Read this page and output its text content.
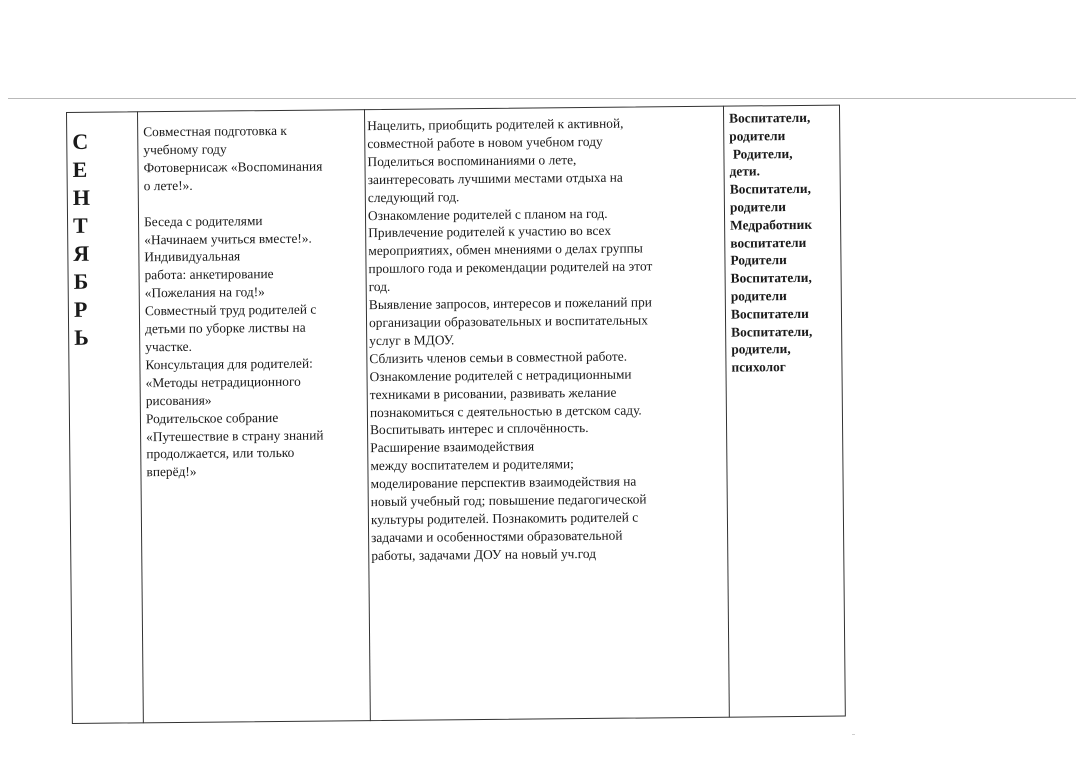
С
Е
Н
Т
Я
Б
Р
Ь

Совместная подготовка к

учебному году

Фотовернисаж «Воспоминания

о лете!».

Беседа с родителями

«Начинаем учиться вместе!».

Индивидуальная

работа: анкетирование

«Пожелания на год!»

Совместный труд родителей с

детьми по уборке листвы на

участке.

Консультация для родителей:

«Методы нетрадиционного

рисования»

Родительское собрание

«Путешествие в страну знаний

продолжается, или только

вперёд!»

Нацелить, приобщить родителей к активной,

совместной работе в новом учебном году

Поделиться воспоминаниями о лете,

заинтересовать лучшими местами отдыха на

следующий год.

Ознакомление родителей с планом на год.

Привлечение родителей к участию во всех

мероприятиях, обмен мнениями о делах группы

прошлого года и рекомендации родителей на этот

год.

Выявление запросов, интересов и пожеланий при

организации образовательных и воспитательных

услуг в МДОУ.

Сблизить членов семьи в совместной работе.

Ознакомление родителей с нетрадиционными

техниками в рисовании, развивать желание

познакомиться с деятельностью в детском саду.

Воспитывать интерес и сплочённость.

Расширение взаимодействия

между воспитателем и родителями;

моделирование перспектив взаимодействия на

новый учебный год; повышение педагогической

культуры родителей. Познакомить родителей с

задачами и особенностями образовательной

работы, задачами ДОУ на новый уч.год

Воспитатели,

родители

Родители,

дети.

Воспитатели,

родители

Медработник

воспитатели

Родители

Воспитатели,

родители

Воспитатели

Воспитатели,

родители,

психолог
